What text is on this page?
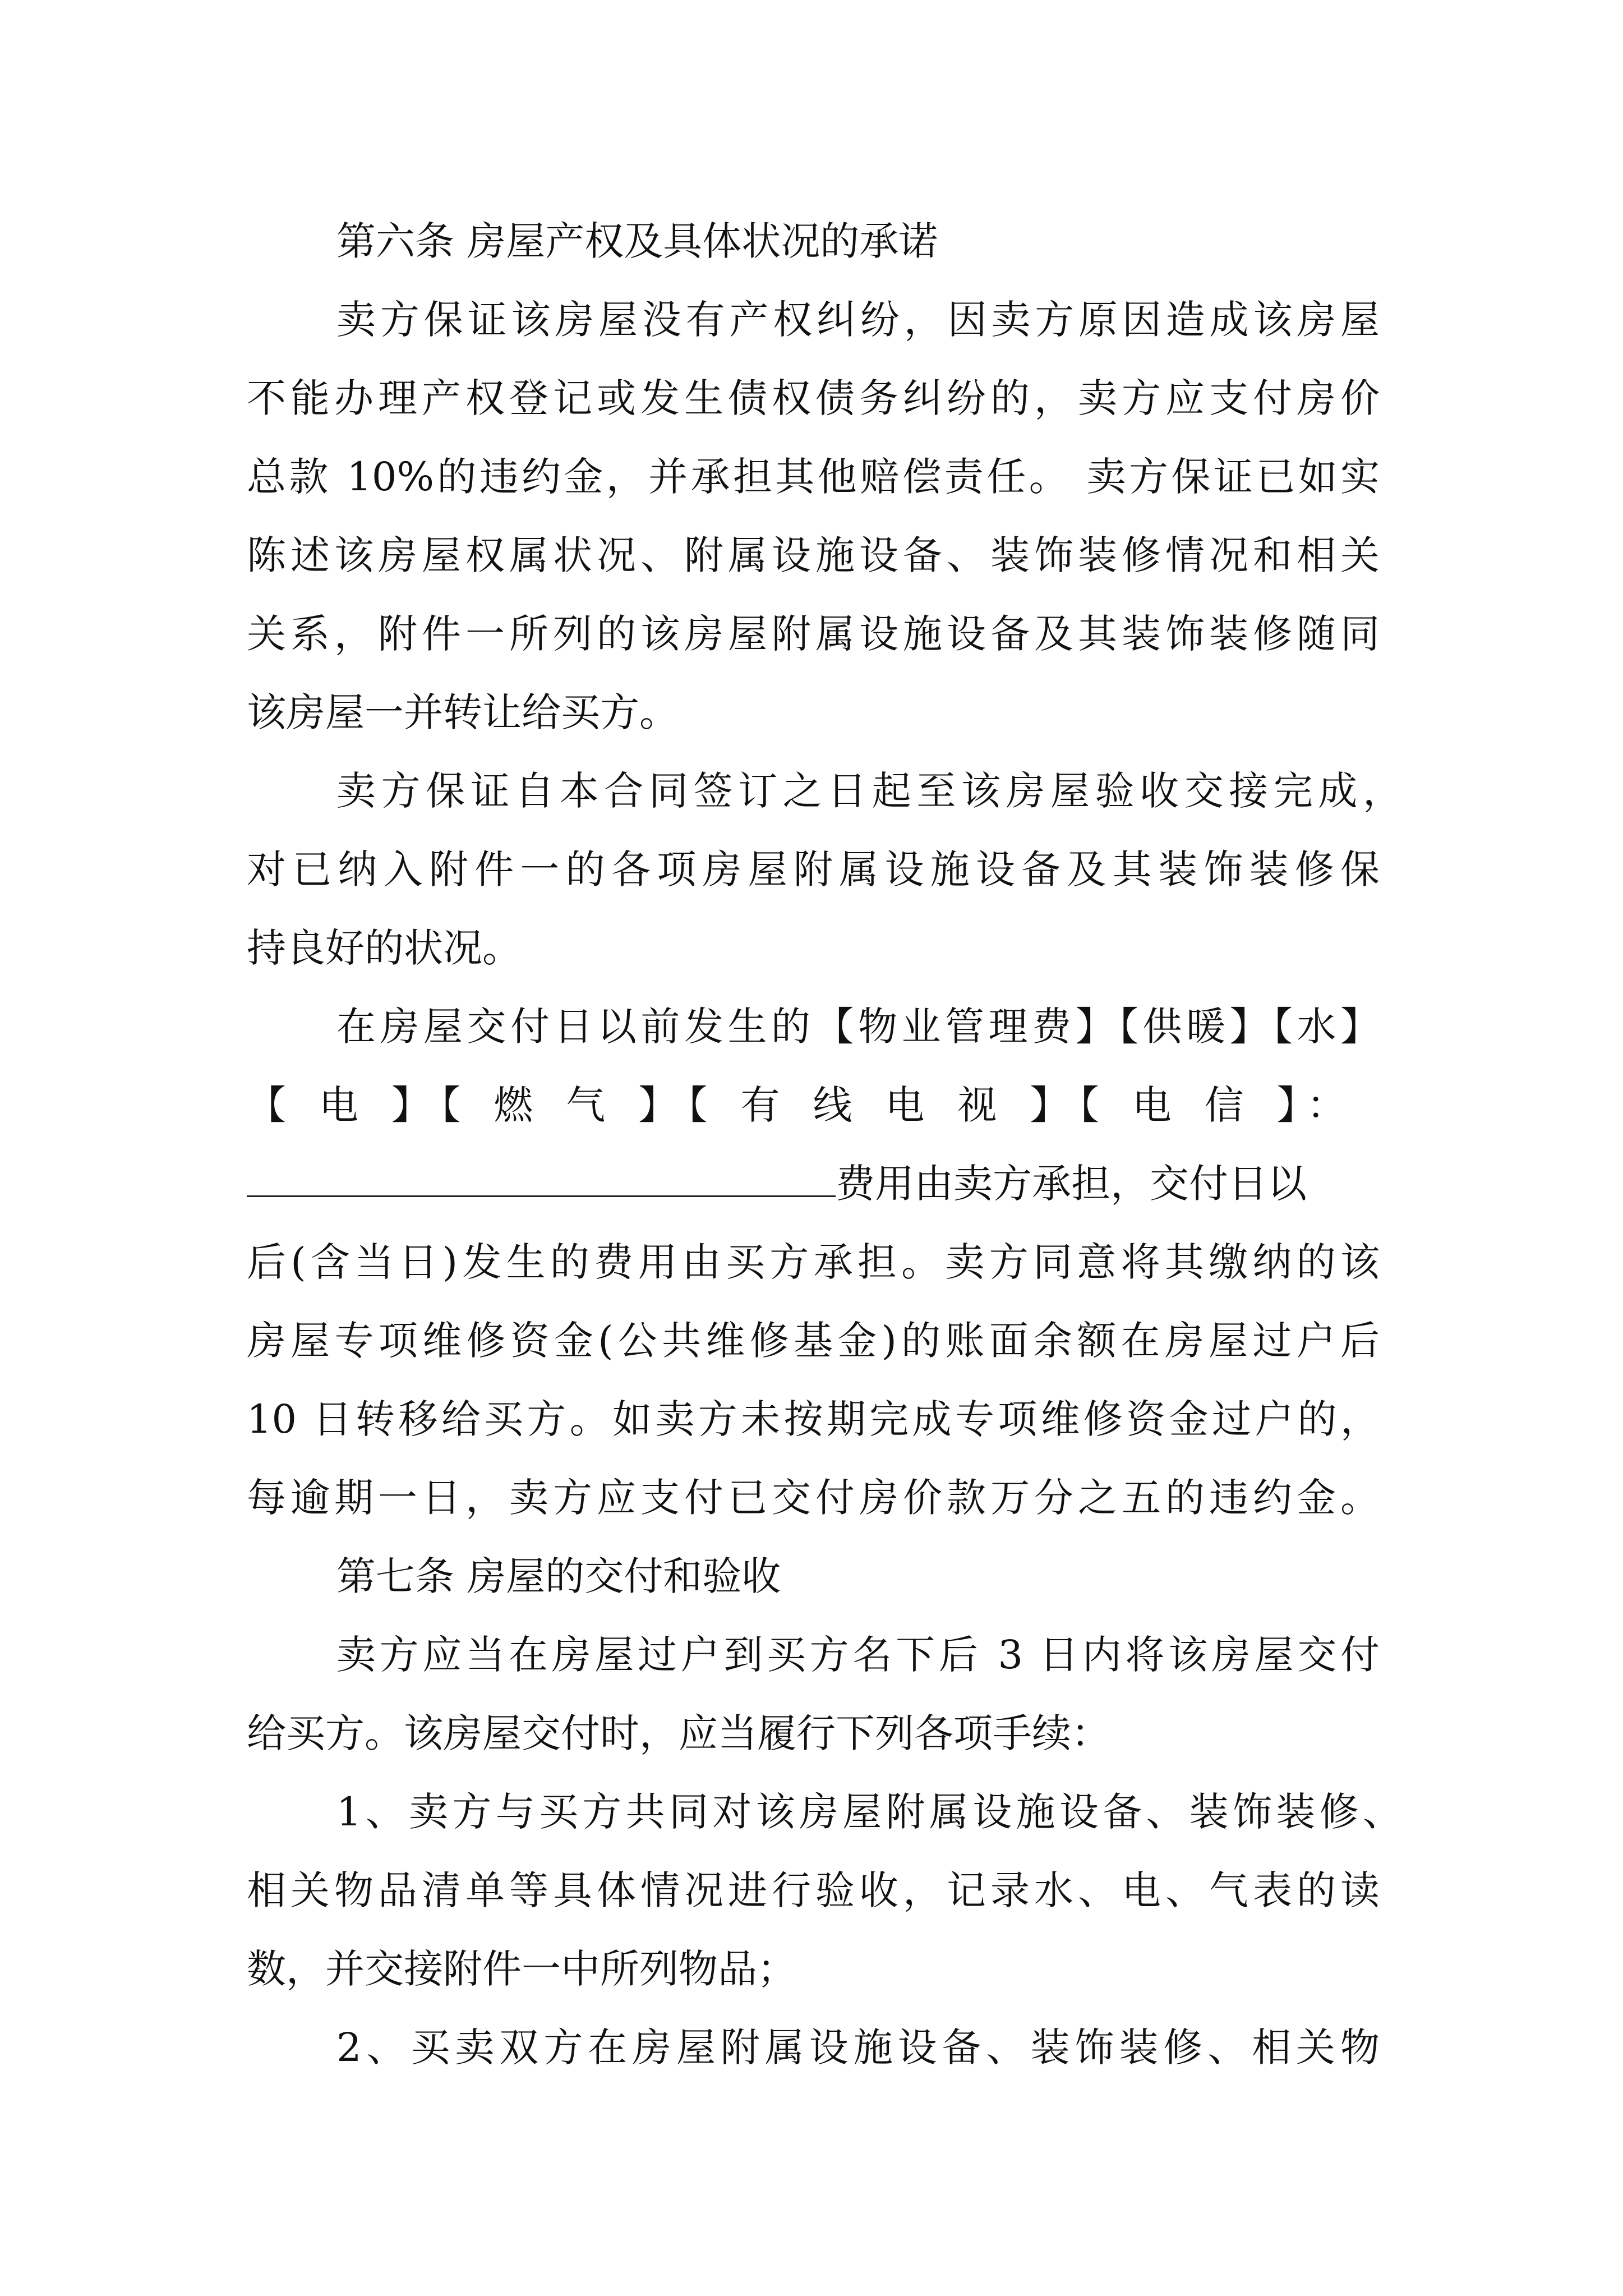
第六条 房屋产权及具体状况的承诺
卖方保证该房屋没有产权纠纷，因卖方原因造成该房屋
不能办理产权登记或发生债权债务纠纷的，卖方应支付房价
总款 10%的违约金，并承担其他赔偿责任。 卖方保证已如实
陈述该房屋权属状况、附属设施设备、装饰装修情况和相关
关系，附件一所列的该房屋附属设施设备及其装饰装修随同
该房屋一并转让给买方。
卖方保证自本合同签订之日起至该房屋验收交接完成，
对已纳入附件一的各项房屋附属设施设备及其装饰装修保
持良好的状况。
在房屋交付日以前发生的【物业管理费】【供暖】【水】
【 电 】【 燃 气 】【 有 线 电 视 】【 电 信 】：
费用由卖方承担，交付日以
后(含当日)发生的费用由买方承担。卖方同意将其缴纳的该
房屋专项维修资金(公共维修基金)的账面余额在房屋过户后
10 日转移给买方。如卖方未按期完成专项维修资金过户的，
每逾期一日，卖方应支付已交付房价款万分之五的违约金。
第七条 房屋的交付和验收
卖方应当在房屋过户到买方名下后 3 日内将该房屋交付
给买方。该房屋交付时，应当履行下列各项手续：
1、卖方与买方共同对该房屋附属设施设备、装饰装修、
相关物品清单等具体情况进行验收，记录水、电、气表的读
数，并交接附件一中所列物品；
2、买卖双方在房屋附属设施设备、装饰装修、相关物
